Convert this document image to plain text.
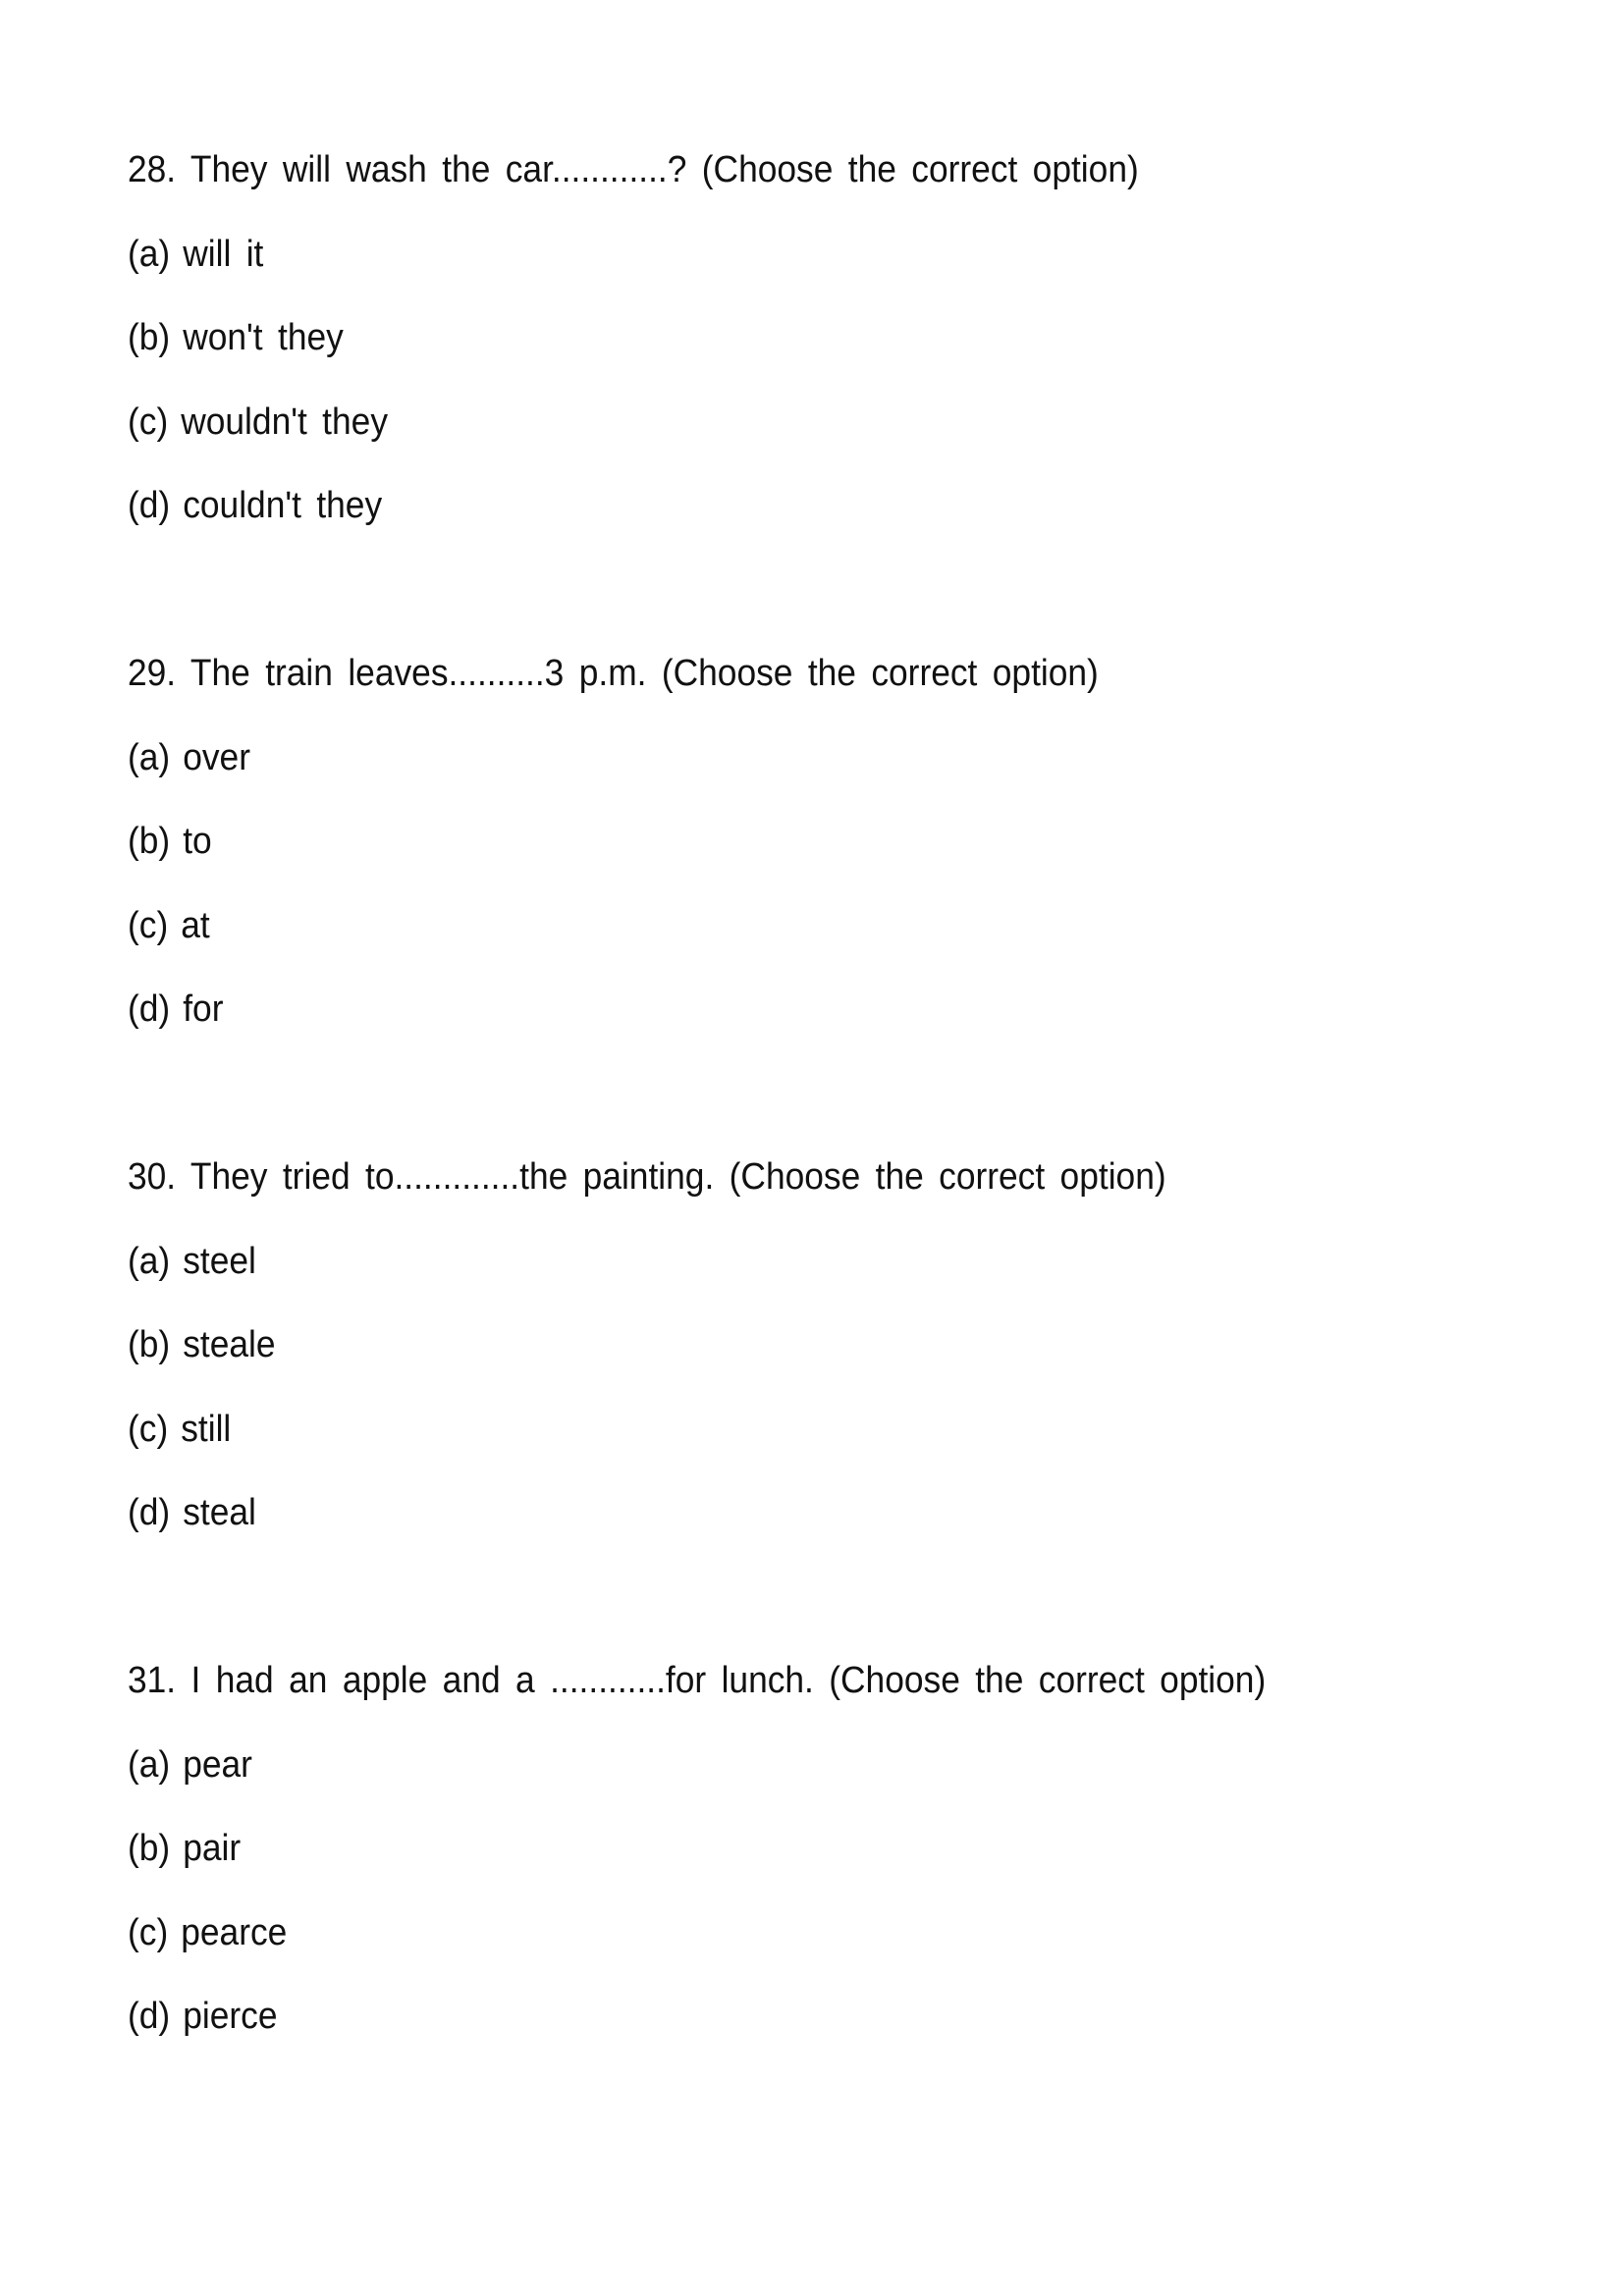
28. They will wash the car............? (Choose the correct option)
(a) will it
(b) won't they
(c) wouldn't they
(d) couldn't they
29. The train leaves..........3 p.m. (Choose the correct option)
(a) over
(b) to
(c) at
(d) for
30. They tried to.............the painting. (Choose the correct option)
(a) steel
(b) steale
(c) still
(d) steal
31. I had an apple and a ............for lunch. (Choose the correct option)
(a) pear
(b) pair
(c) pearce
(d) pierce
